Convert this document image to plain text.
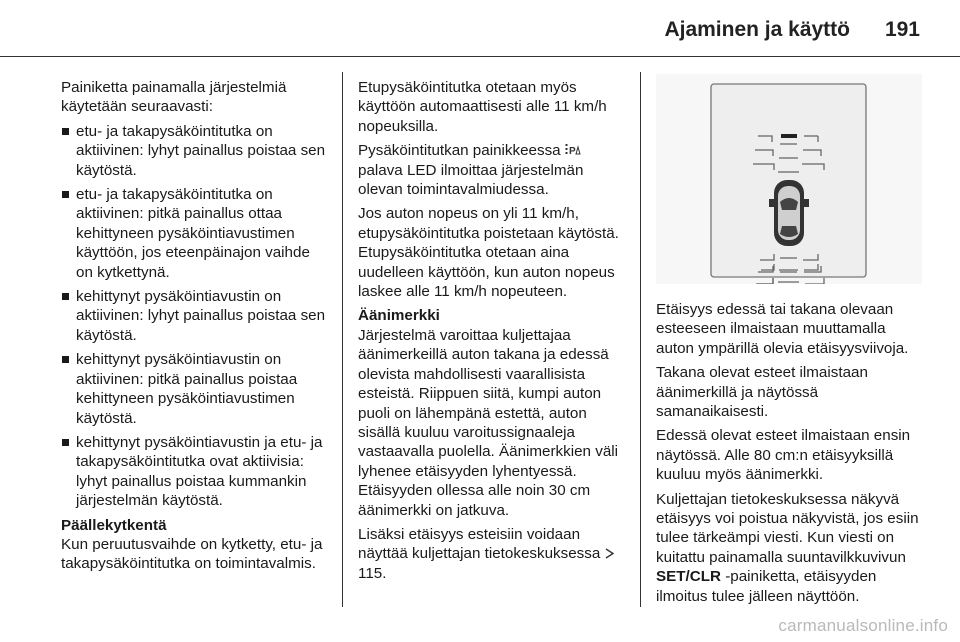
Ajaminen ja käyttö 191

Painiketta painamalla järjestelmiä käytetään seuraavasti:

etu- ja takapysäköintitutka on aktiivinen: lyhyt painallus poistaa sen käytöstä.
etu- ja takapysäköintitutka on aktiivinen: pitkä painallus ottaa kehittyneen pysäköintiavustimen käyttöön, jos eteenpäinajon vaihde on kytkettynä.
kehittynyt pysäköintiavustin on aktiivinen: lyhyt painallus poistaa sen käytöstä.
kehittynyt pysäköintiavustin on aktiivinen: pitkä painallus poistaa kehittyneen pysäköintiavustimen käytöstä.
kehittynyt pysäköintiavustin ja etu- ja takapysäköintitutka ovat aktiivisia: lyhyt painallus poistaa kummankin järjestelmän käytöstä.

Päällekytkentä

Kun peruutusvaihde on kytketty, etu- ja takapysäköintitutka on toimintavalmis.

Etupysäköintitutka otetaan myös käyttöön automaattisesti alle 11 km/h nopeuksilla.

Pysäköintitutkan painikkeessa P
palava LED ilmoittaa järjestelmän olevan toimintavalmiudessa.

Jos auton nopeus on yli 11 km/h, etupysäköintitutka poistetaan käytöstä. Etupysäköintitutka otetaan aina uudelleen käyttöön, kun auton nopeus laskee alle 11 km/h nopeuteen.

Äänimerkki

Järjestelmä varoittaa kuljettajaa äänimerkeillä auton takana ja edessä olevista mahdollisesti vaarallisista esteistä. Riippuen siitä, kumpi auton puoli on lähempänä estettä, auton sisällä kuuluu varoitussignaaleja vastaavalla puolella. Äänimerkkien väli lyhenee etäisyyden lyhentyessä. Etäisyyden ollessa alle noin 30 cm äänimerkki on jatkuva.

Lisäksi etäisyys esteisiin voidaan näyttää kuljettajan tietokeskuksessa  115.

Etäisyys edessä tai takana olevaan esteeseen ilmaistaan muuttamalla auton ympärillä olevia etäisyysviivoja.

Takana olevat esteet ilmaistaan äänimerkillä ja näytössä samanaikaisesti.

Edessä olevat esteet ilmaistaan ensin näytössä. Alle 80 cm:n etäisyyksillä kuuluu myös äänimerkki.

Kuljettajan tietokeskuksessa näkyvä etäisyys voi poistua näkyvistä, jos esiin tulee tärkeämpi viesti. Kun viesti on kuitattu painamalla suuntavilkkuvivun SET/CLR -painiketta, etäisyyden ilmoitus tulee jälleen näyttöön.

carmanualsonline.info
